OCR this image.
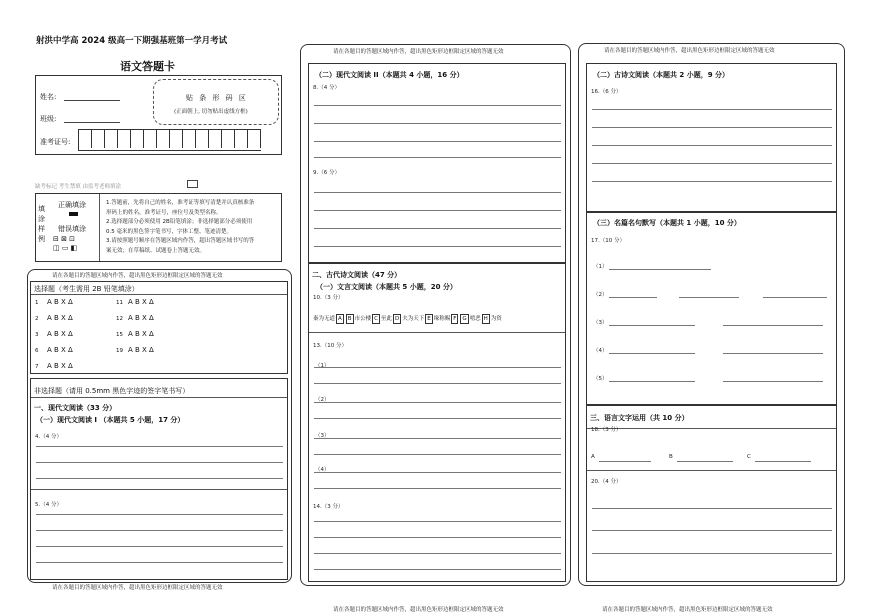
射洪中学高 2024 级高一下期强基班第一学月考试
语文答题卡
姓名:
班级:
准考证号:
贴 条 形 码 区
(正面朝上, 切勿贴出虚线方框)
缺考标记 考生禁填 由监考老师填涂
填
涂
样
例
正确填涂
错误填涂
⊟ ⊠ ⊡
◫ ▭ ◧
1.答题前，先将自己的姓名，准考证等填写清楚并认真核准条
形码上的姓名，准考证号，座位号及类型名称。
2.选择题部分必须使用 2B铅笔填涂；非选择题部分必须使用
0.5 毫米的黑色签字笔书写，字体工整、笔迹清楚。
3.请按照题号顺序在答题区域内作答，超出答题区域书写的答
案无效；在草稿纸、试题卷上答题无效。
请在各题目的答题区域内作答，超出黑色矩形边框限定区域的答题无效
选择题（考生需用 2B 铅笔填涂）
1 A B X Δ
2 A B X Δ
3 A B X Δ
6 A B X Δ
7 A B X Δ
11 A B X Δ
12 A B X Δ
15 A B X Δ
19 A B X Δ
非选择题（请用 0.5mm 黑色字迹的签字笔书写）
一、现代文阅读（33 分）
（一）现代文阅读 I （本题共 5 小题，17 分）
4.（4 分）
5.（4 分）
请在各题目的答题区域内作答，超出黑色矩形边框限定区域的答题无效
请在各题目的答题区域内作答，超出黑色矩形边框限定区域的答题无效
（二）现代文阅读 II（本题共 4 小题，16 分）
8.（4 分）
9.（6 分）
二、古代诗文阅读（47 分）
（一）文言文阅读（本题共 5 小题，20 分）
10.（3 分）
秦为无道 A B 市公楼 C 至此 D 夫为天下 E 缘称赐 F G 嘻恶 H 为资
13.（10 分）
（1）
（2）
（3）
（4）
14.（3 分）
请在各题目的答题区域内作答，超出黑色矩形边框限定区域的答题无效
请在各题目的答题区域内作答，超出黑色矩形边框限定区域的答题无效
（二）古诗文阅读（本题共 2 小题，9 分）
16.（6 分）
（三）名篇名句默写（本题共 1 小题，10 分）
17.（10 分）
（1）
（2）
（3）
（4）
（5）
三、语言文字运用（共 10 分）
18.（3 分）
A	B	C
20.（4 分）
请在各题目的答题区域内作答，超出黑色矩形边框限定区域的答题无效
